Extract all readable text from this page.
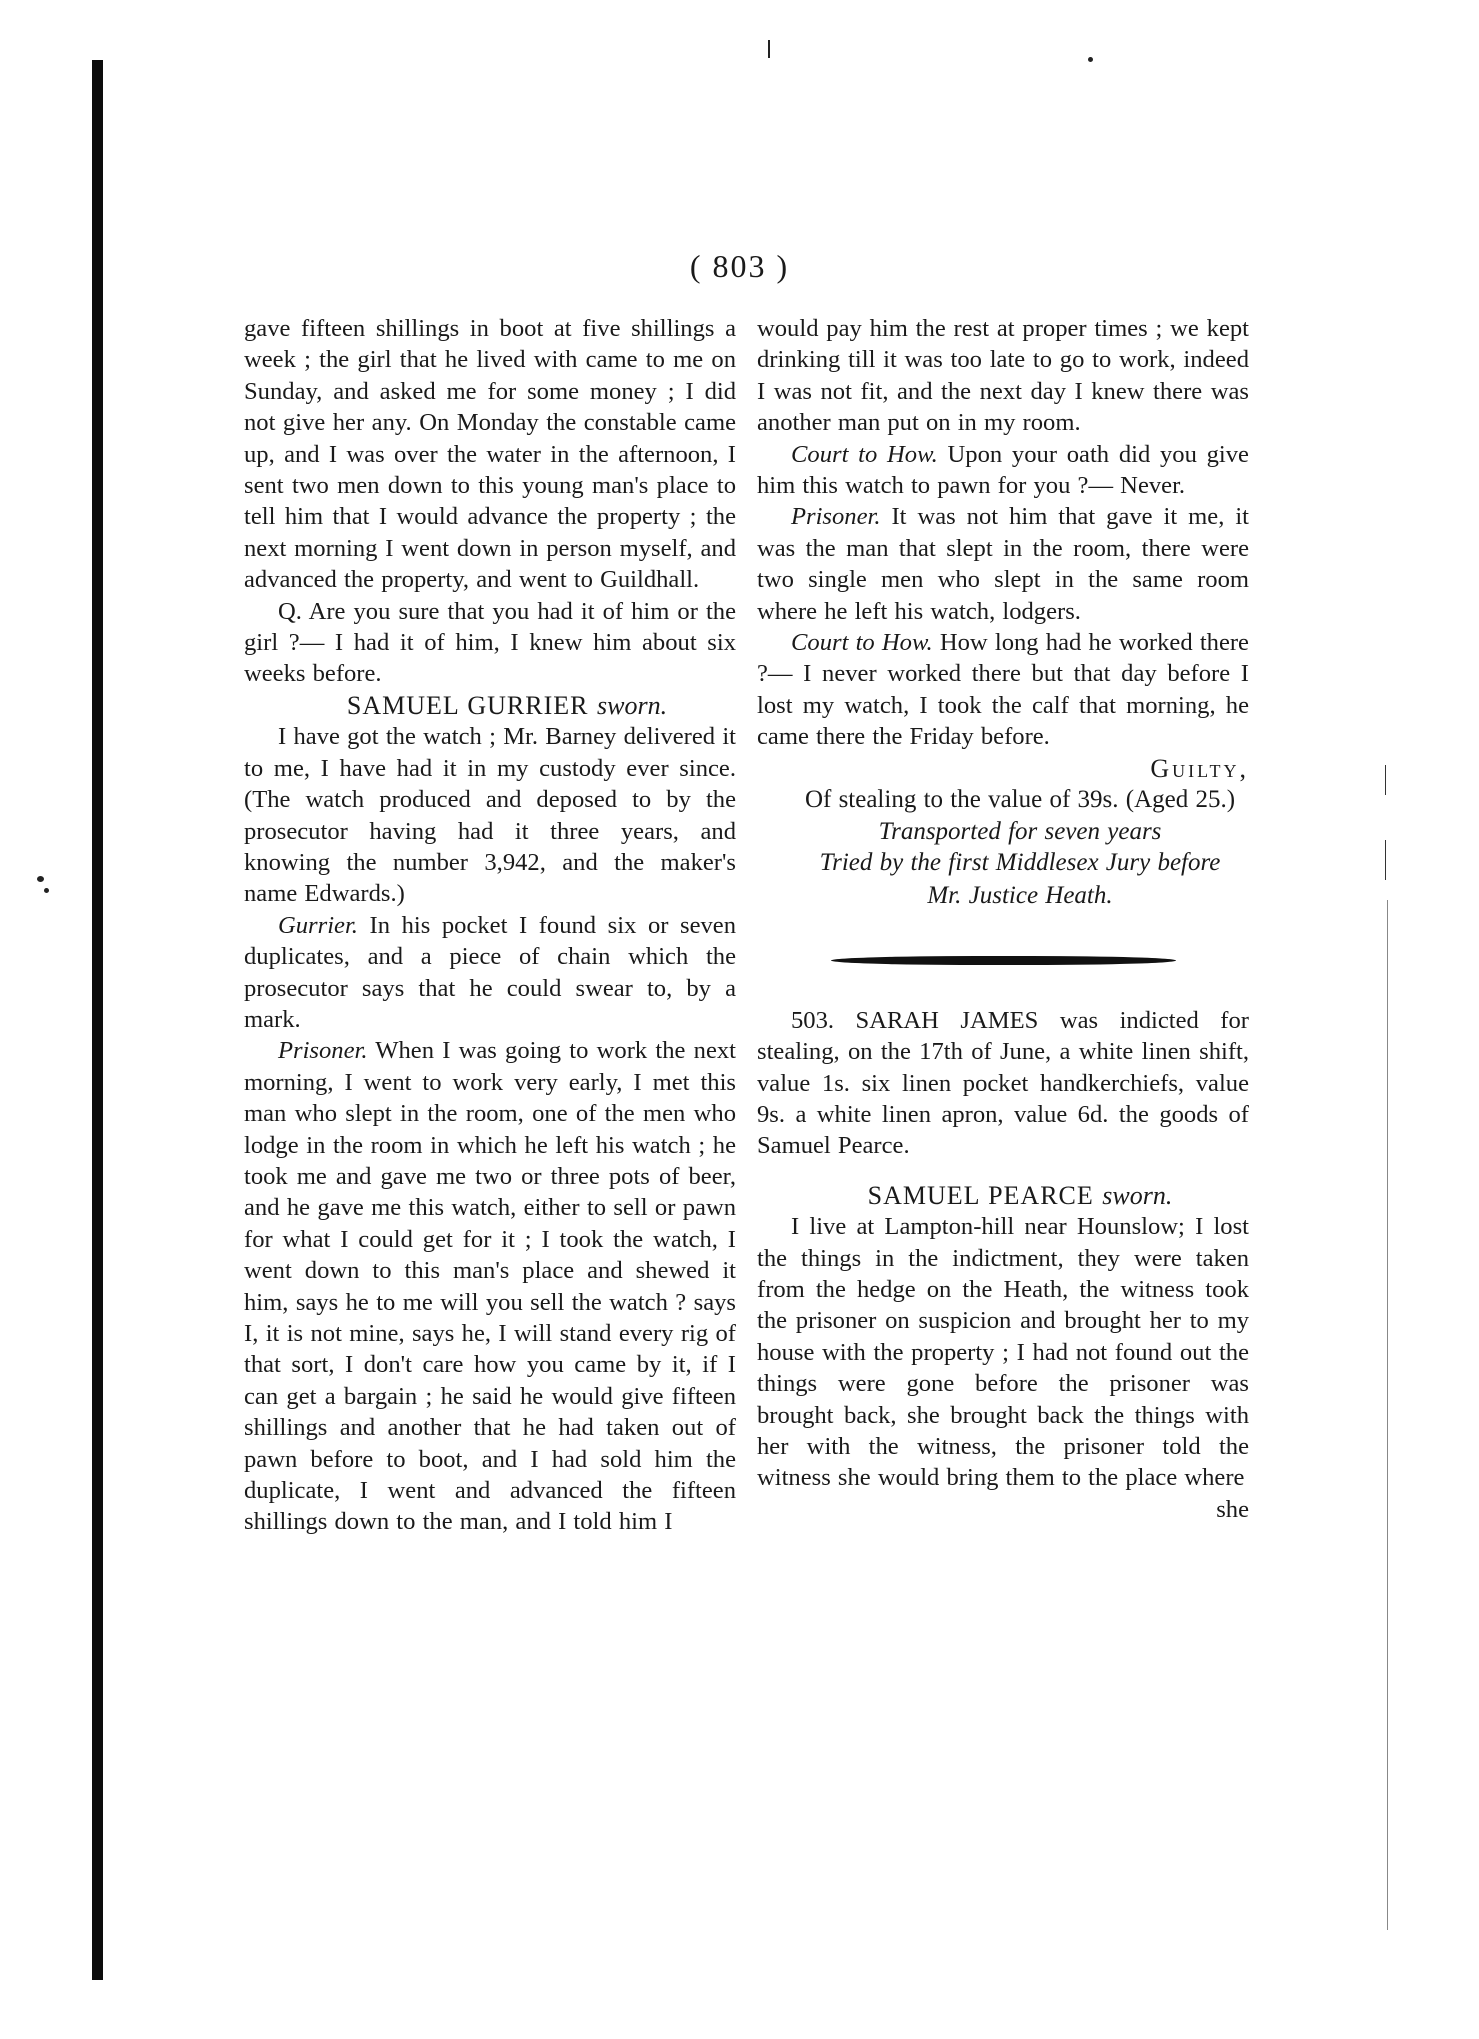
( 803 )

gave fifteen shillings in boot at five shillings a week ; the girl that he lived with came to me on Sunday, and asked me for some money ; I did not give her any. On Monday the constable came up, and I was over the water in the afternoon, I sent two men down to this young man's place to tell him that I would advance the property ; the next morning I went down in person myself, and advanced the property, and went to Guildhall.

Q. Are you sure that you had it of him or the girl ?— I had it of him, I knew him about six weeks before.

SAMUEL GURRIER sworn.

I have got the watch ; Mr. Barney delivered it to me, I have had it in my custody ever since. (The watch produced and deposed to by the prosecutor having had it three years, and knowing the number 3,942, and the maker's name Edwards.)

Gurrier. In his pocket I found six or seven duplicates, and a piece of chain which the prosecutor says that he could swear to, by a mark.

Prisoner. When I was going to work the next morning, I went to work very early, I met this man who slept in the room, one of the men who lodge in the room in which he left his watch ; he took me and gave me two or three pots of beer, and he gave me this watch, either to sell or pawn for what I could get for it ; I took the watch, I went down to this man's place and shewed it him, says he to me will you sell the watch ? says I, it is not mine, says he, I will stand every rig of that sort, I don't care how you came by it, if I can get a bargain ; he said he would give fifteen shillings and another that he had taken out of pawn before to boot, and I had sold him the duplicate, I went and advanced the fifteen shillings down to the man, and I told him I

would pay him the rest at proper times ; we kept drinking till it was too late to go to work, indeed I was not fit, and the next day I knew there was another man put on in my room.

Court to How. Upon your oath did you give him this watch to pawn for you ?— Never.

Prisoner. It was not him that gave it me, it was the man that slept in the room, there were two single men who slept in the same room where he left his watch, lodgers.

Court to How. How long had he worked there ?— I never worked there but that day before I lost my watch, I took the calf that morning, he came there the Friday before.

Guilty,

Of stealing to the value of 39s. (Aged 25.)

Transported for seven years

Tried by the first Middlesex Jury before

Mr. Justice Heath.

503. SARAH JAMES was indicted for stealing, on the 17th of June, a white linen shift, value 1s. six linen pocket handkerchiefs, value 9s. a white linen apron, value 6d. the goods of Samuel Pearce.

SAMUEL PEARCE sworn.

I live at Lampton-hill near Hounslow; I lost the things in the indictment, they were taken from the hedge on the Heath, the witness took the prisoner on suspicion and brought her to my house with the property ; I had not found out the things were gone before the prisoner was brought back, she brought back the things with her with the witness, the prisoner told the witness she would bring them to the place where

she
